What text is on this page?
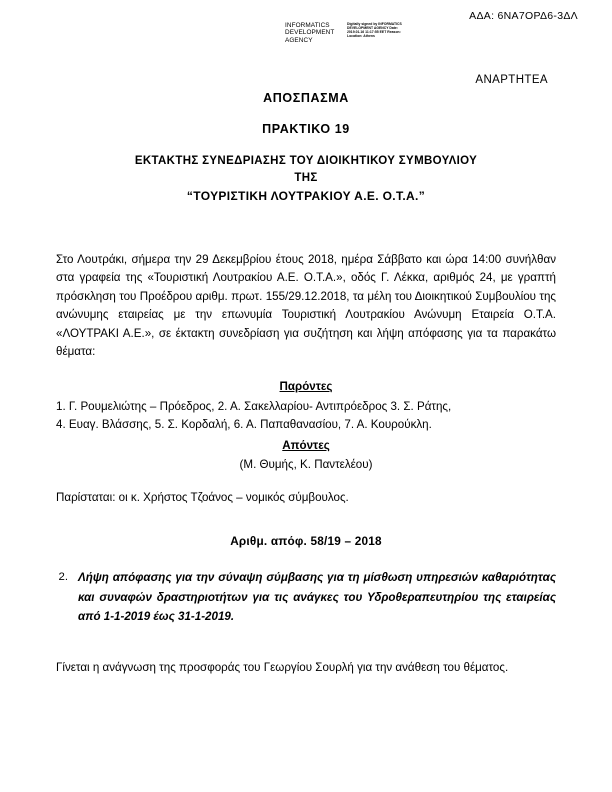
ΑΔΑ: 6ΝΑ7ΟΡΔ6-3ΔΛ
INFORMATICS DEVELOPMENT AGENCY
Digitally signed by INFORMATICS DEVELOPMENT AGENCY Date: 2019.01.16 11:17:55 EET Reason: Location: Athens
ΑΝΑΡΤΗΤΕΑ
ΑΠΟΣΠΑΣΜΑ
ΠΡΑΚΤΙΚΟ 19
ΕΚΤΑΚΤΗΣ ΣΥΝΕΔΡΙΑΣΗΣ ΤΟΥ ΔΙΟΙΚΗΤΙΚΟΥ ΣΥΜΒΟΥΛΙΟΥ
ΤΗΣ
“ΤΟΥΡΙΣΤΙΚΗ ΛΟΥΤΡΑΚΙΟΥ Α.Ε. Ο.Τ.Α.”
Στο Λουτράκι, σήμερα την 29 Δεκεμβρίου έτους 2018, ημέρα Σάββατο και ώρα 14:00 συνήλθαν στα γραφεία της «Τουριστική Λουτρακίου Α.Ε. Ο.Τ.Α.», οδός Γ. Λέκκα, αριθμός 24, με γραπτή πρόσκληση του Προέδρου αριθμ. πρωτ. 155/29.12.2018, τα μέλη του Διοικητικού Συμβουλίου της ανώνυμης εταιρείας με την επωνυμία Τουριστική Λουτρακίου Ανώνυμη Εταιρεία Ο.Τ.Α. «ΛΟΥΤΡΑΚΙ Α.Ε.», σε έκτακτη συνεδρίαση για συζήτηση και λήψη απόφασης για τα παρακάτω θέματα:
Παρόντες
1. Γ. Ρουμελιώτης – Πρόεδρος, 2. Α. Σακελλαρίου- Αντιπρόεδρος 3. Σ. Ράτης,
4. Ευαγ. Βλάσσης, 5. Σ. Κορδαλή, 6. Α. Παπαθανασίου, 7. Α. Κουρούκλη.
Απόντες
(Μ. Θυμής, Κ. Παντελέου)
Παρίσταται: οι κ. Χρήστος Τζοάνος – νομικός σύμβουλος.
Αριθμ. απόφ. 58/19 – 2018
2. Λήψη απόφασης για την σύναψη σύμβασης για τη μίσθωση υπηρεσιών καθαριότητας και συναφών δραστηριοτήτων για τις ανάγκες του Υδροθεραπευτηρίου της εταιρείας από 1-1-2019 έως 31-1-2019.
Γίνεται η ανάγνωση της προσφοράς του Γεωργίου Σουρλή για την ανάθεση του θέματος.
